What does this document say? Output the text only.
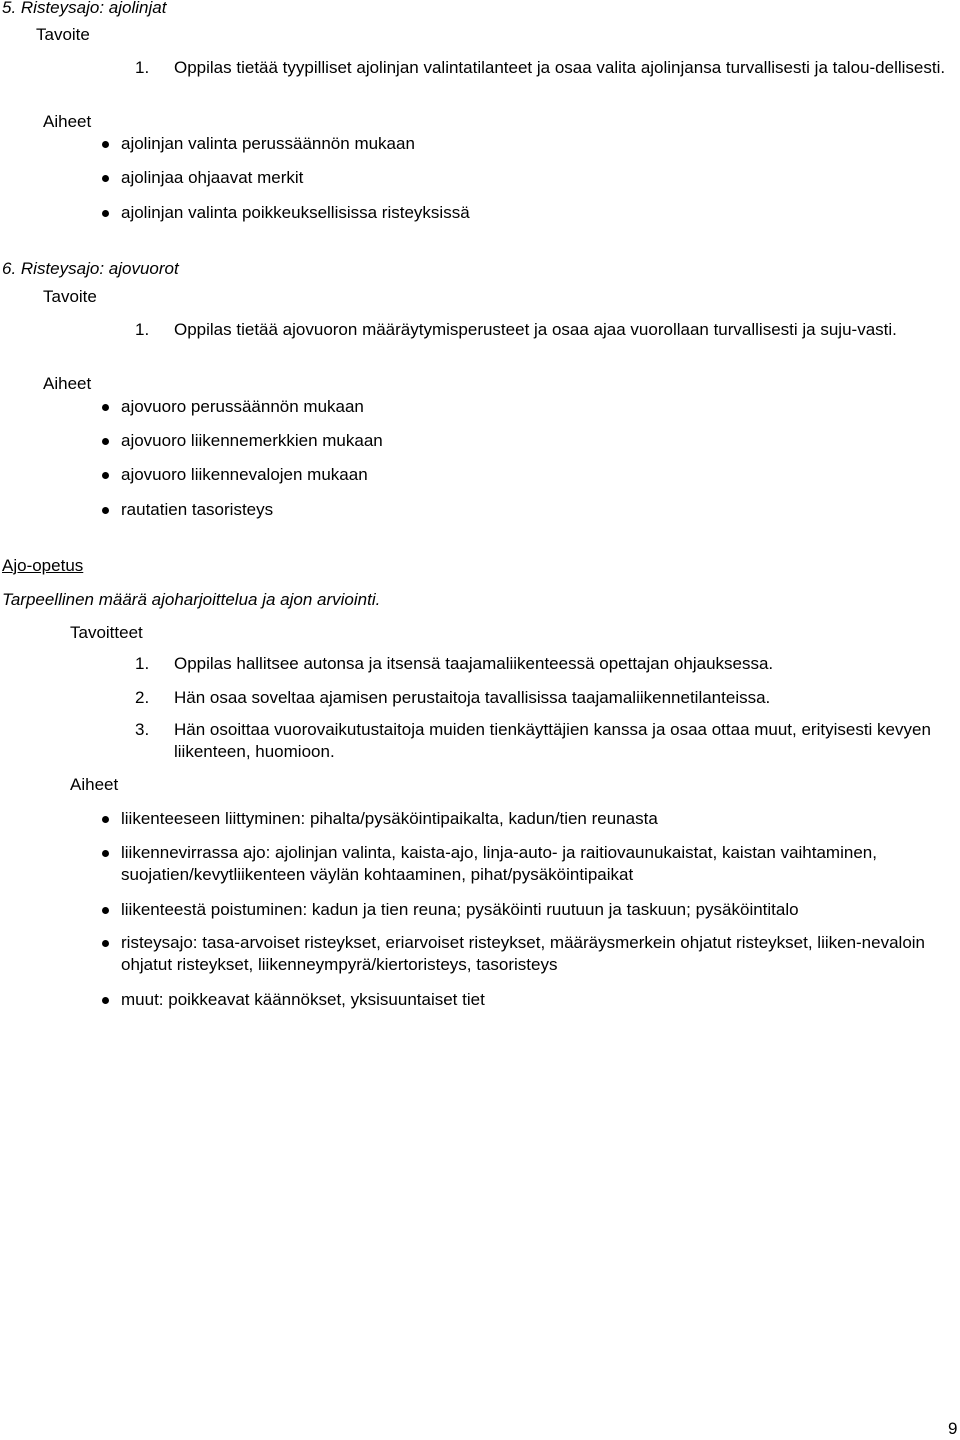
5. Risteysajo: ajolinjat
Tavoite
1. Oppilas tietää tyypilliset ajolinjan valintatilanteet ja osaa valita ajolinjansa turvallisesti ja talou-dellisesti.
Aiheet
ajolinjan valinta perussäännön mukaan
ajolinjaa ohjaavat merkit
ajolinjan valinta poikkeuksellisissa risteyksissä
6. Risteysajo: ajovuorot
Tavoite
1. Oppilas tietää ajovuoron määräytymisperusteet ja osaa ajaa vuorollaan turvallisesti ja suju-vasti.
Aiheet
ajovuoro perussäännön mukaan
ajovuoro liikennemerkkien mukaan
ajovuoro liikennevalojen mukaan
rautatien tasoristeys
Ajo-opetus
Tarpeellinen määrä ajoharjoittelua ja ajon arviointi.
Tavoitteet
1. Oppilas hallitsee autonsa ja itsensä taajamaliikenteessä opettajan ohjauksessa.
2. Hän osaa soveltaa ajamisen perustaitoja tavallisissa taajamaliikennetilanteissa.
3. Hän osoittaa vuorovaikutustaitoja muiden tienkäyttäjien kanssa ja osaa ottaa muut, erityisesti kevyen liikenteen, huomioon.
Aiheet
liikenteeseen liittyminen: pihalta/pysäköintipaikalta, kadun/tien reunasta
liikennevirrassa ajo: ajolinjan valinta, kaista-ajo, linja-auto- ja raitiovaunukaistat, kaistan vaihtaminen, suojatien/kevytliikenteen väylän kohtaaminen, pihat/pysäköintipaikat
liikenteestä poistuminen: kadun ja tien reuna; pysäköinti ruutuun ja taskuun; pysäköintitalo
risteysajo: tasa-arvoiset risteykset, eriarvoiset risteykset, määräysmerkein ohjatut risteykset, liiken-nevaloin ohjatut risteykset, liikenneympyrä/kiertoristeys, tasoristeys
muut: poikkeavat käännökset, yksisuuntaiset tiet
9
